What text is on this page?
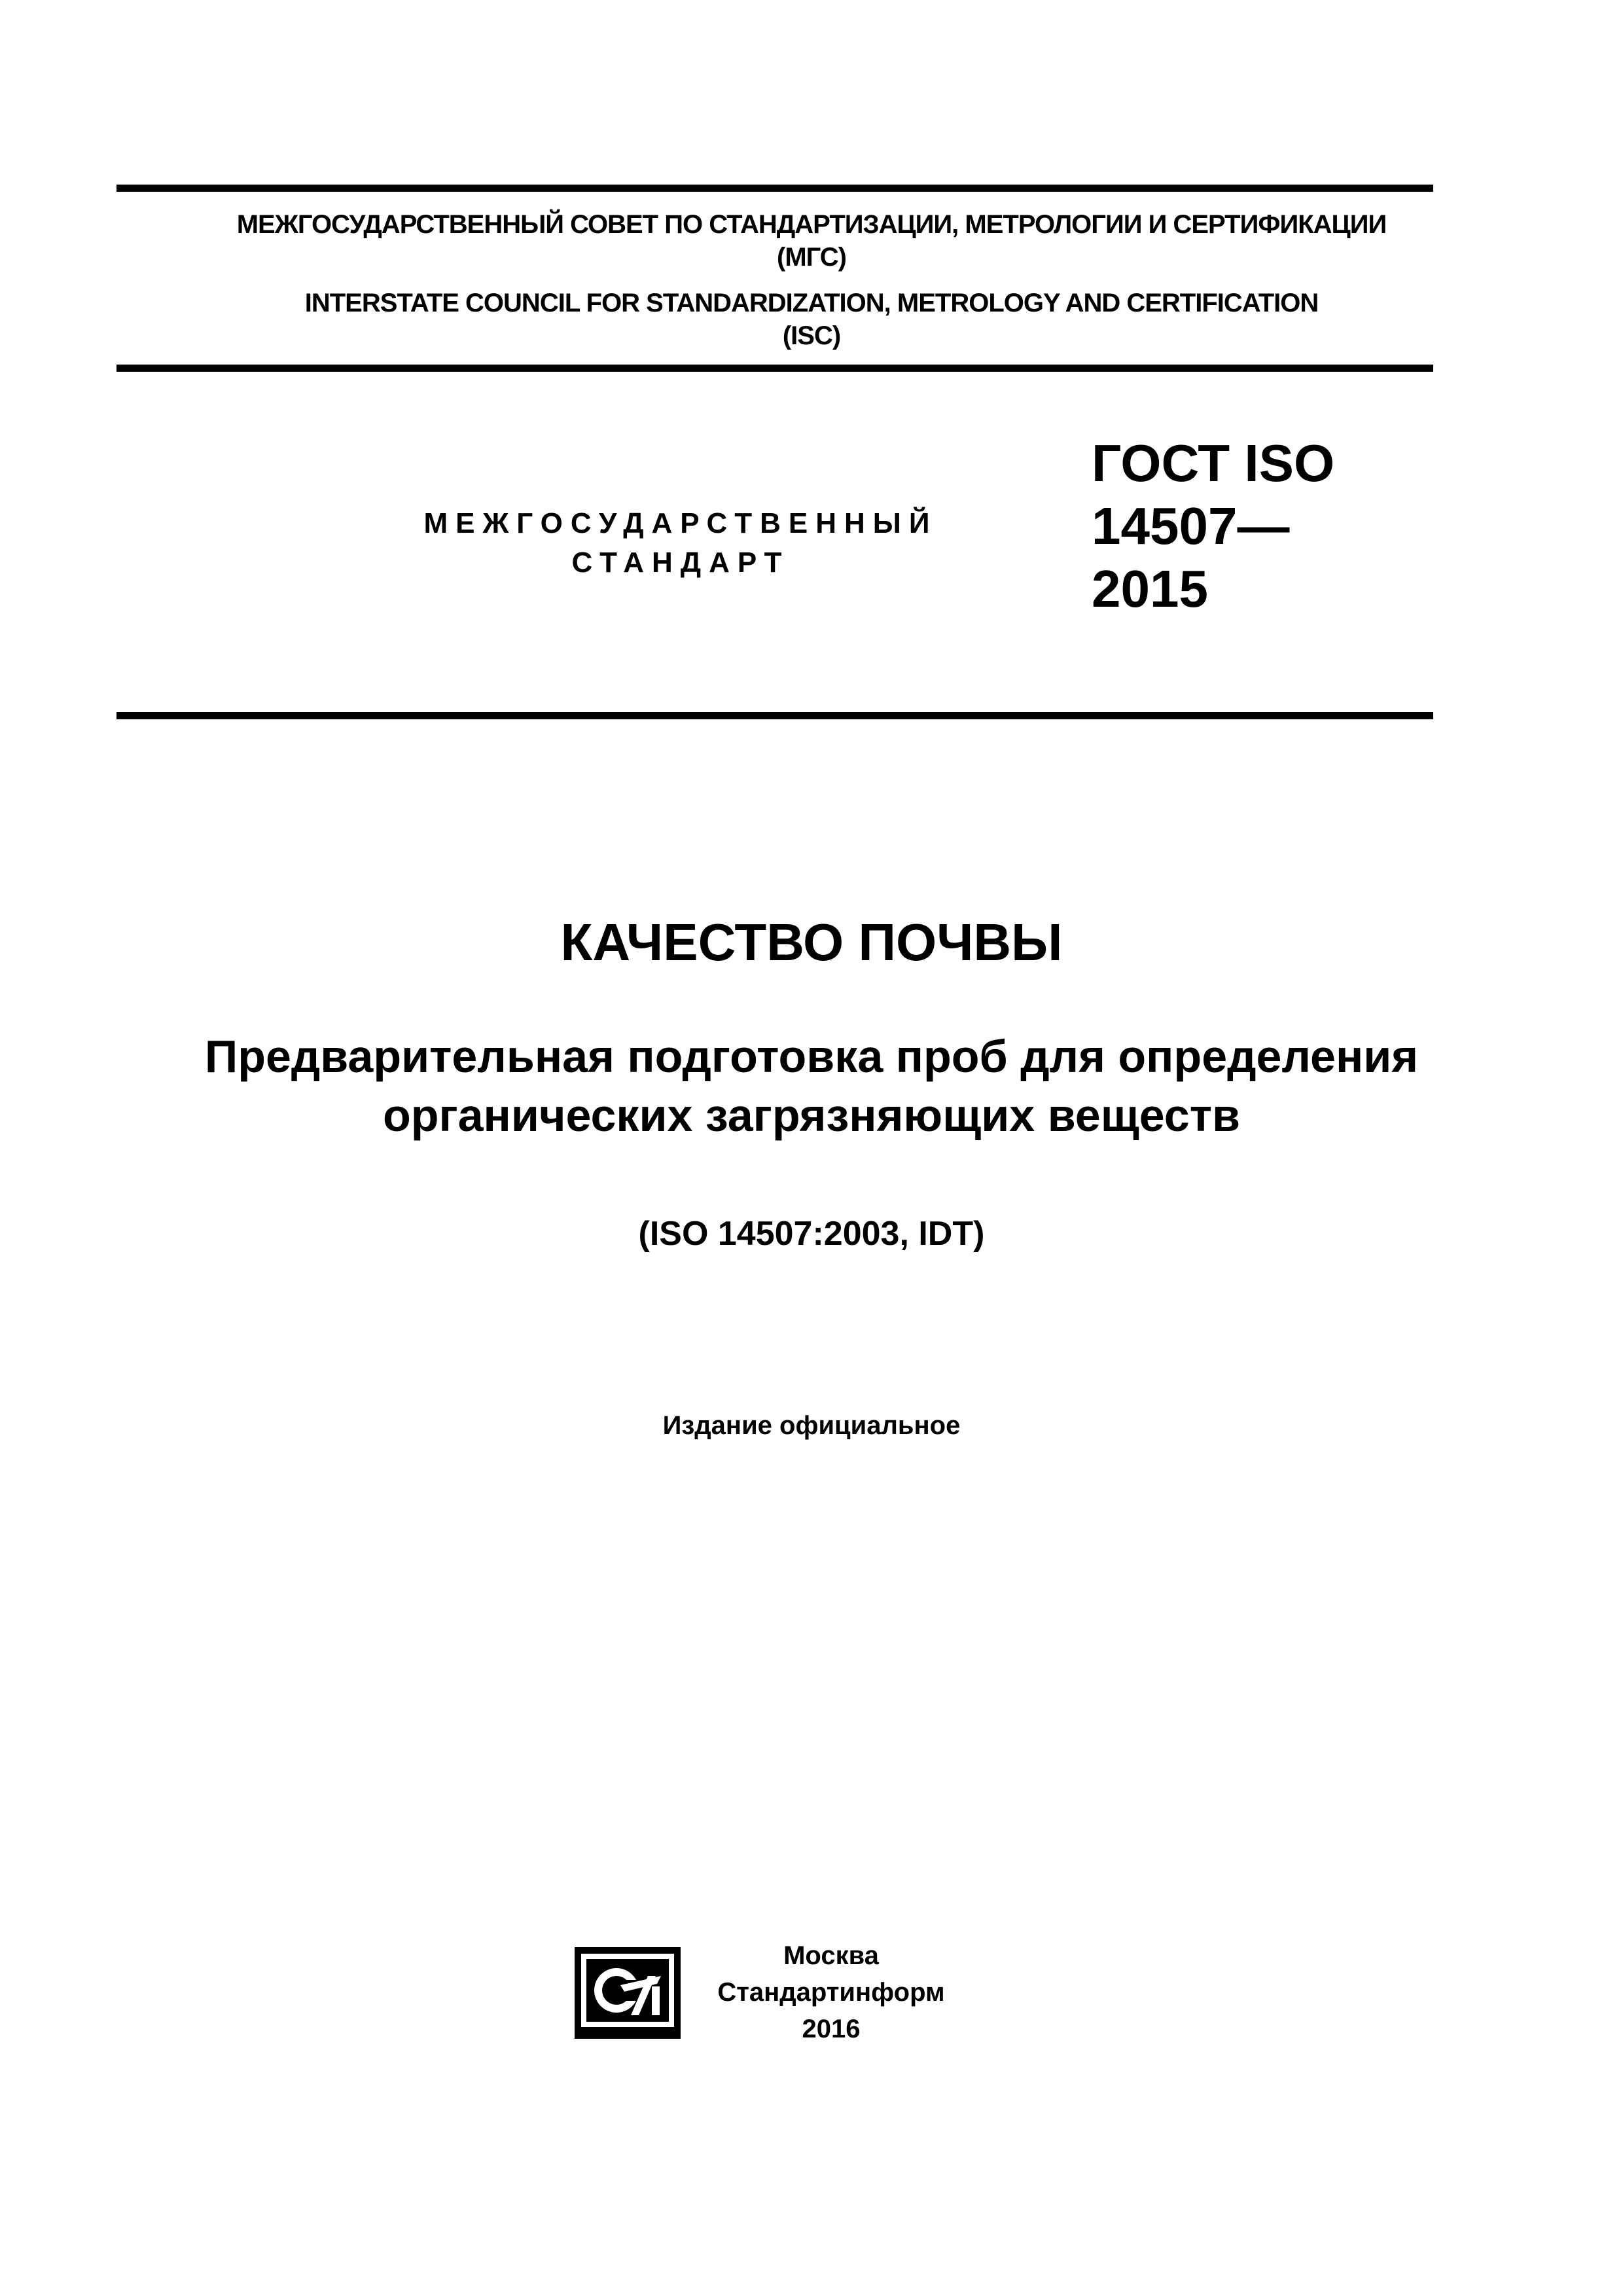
МЕЖГОСУДАРСТВЕННЫЙ СОВЕТ ПО СТАНДАРТИЗАЦИИ, МЕТРОЛОГИИ И СЕРТИФИКАЦИИ
(МГС)
INTERSTATE COUNCIL FOR STANDARDIZATION, METROLOGY AND CERTIFICATION
(ISC)
МЕЖГОСУДАРСТВЕННЫЙ
СТАНДАРТ
ГОСТ ISO
14507—
2015
КАЧЕСТВО ПОЧВЫ
Предварительная подготовка проб для определения
органических загрязняющих веществ
(ISO 14507:2003, IDT)
Издание официальное
Москва
Стандартинформ
2016
